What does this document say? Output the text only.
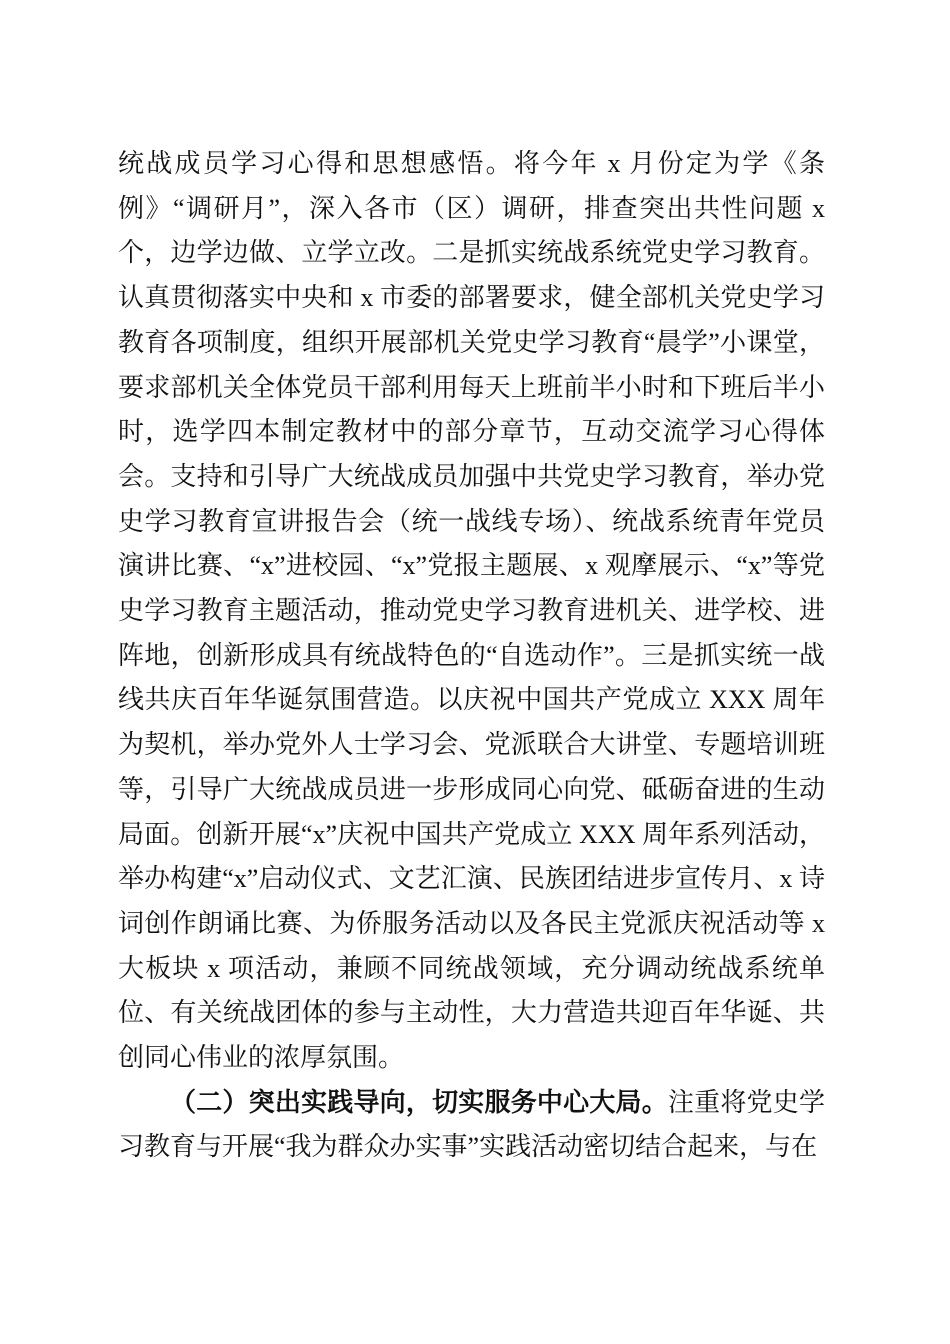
统战成员学习心得和思想感悟。将今年 x 月份定为学《条例》“调研月”，深入各市（区）调研，排查突出共性问题 x 个，边学边做、立学立改。二是抓实统战系统党史学习教育。认真贯彻落实中央和 x 市委的部署要求，健全部机关党史学习教育各项制度，组织开展部机关党史学习教育“晨学”小课堂，要求部机关全体党员干部利用每天上班前半小时和下班后半小时，选学四本制定教材中的部分章节，互动交流学习心得体会。支持和引导广大统战成员加强中共党史学习教育，举办党史学习教育宣讲报告会（统一战线专场）、统战系统青年党员演讲比赛、“x”进校园、“x”党报主题展、x 观摩展示、“x”等党史学习教育主题活动，推动党史学习教育进机关、进学校、进阵地，创新形成具有统战特色的“自选动作”。三是抓实统一战线共庆百年华诞氛围营造。以庆祝中国共产党成立 XXX 周年为契机，举办党外人士学习会、党派联合大讲堂、专题培训班等，引导广大统战成员进一步形成同心向党、砥砺奋进的生动局面。创新开展“x”庆祝中国共产党成立 XXX 周年系列活动，举办构建“x”启动仪式、文艺汇演、民族团结进步宣传月、x 诗词创作朗诵比赛、为侨服务活动以及各民主党派庆祝活动等 x 大板块 x 项活动，兼顾不同统战领域，充分调动统战系统单位、有关统战团体的参与主动性，大力营造共迎百年华诞、共创同心伟业的浓厚氛围。

（二）突出实践导向，切实服务中心大局。注重将党史学习教育与开展“我为群众办实事”实践活动密切结合起来，与在
